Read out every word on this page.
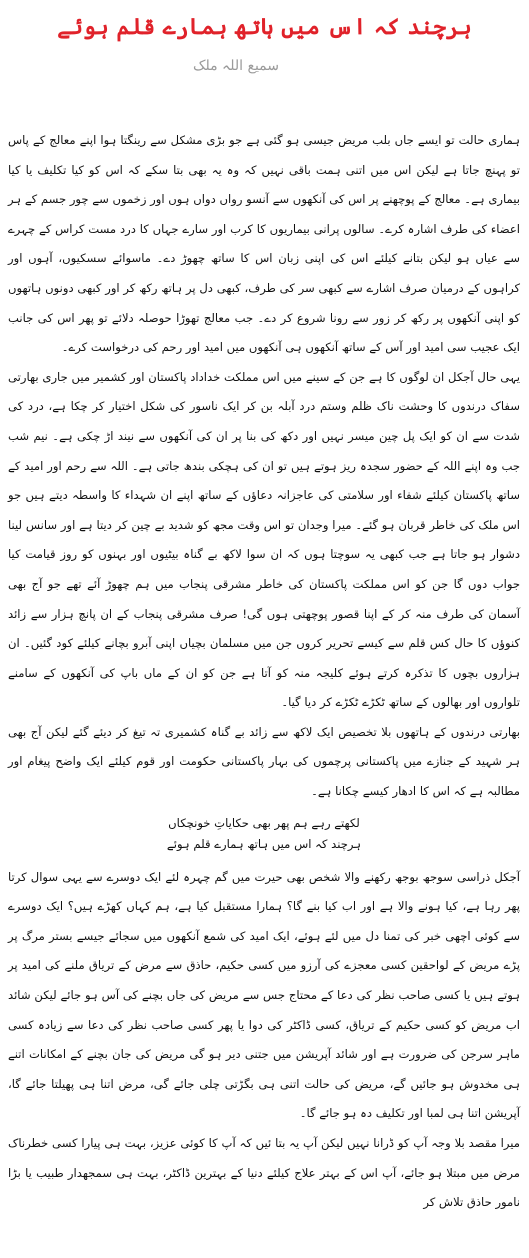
ہرچند کہ اس میں ہاتھ ہمارے قلم ہوئے
سمیع اللہ ملک

ہماری حالت تو ایسے جاں بلب مریض جیسی ہو گئی ہے جو بڑی مشکل سے رینگتا ہوا اپنے معالج کے پاس تو پہنچ جاتا ہے لیکن اس میں اتنی ہمت باقی نہیں کہ وہ یہ بھی بتا سکے کہ اس کو کیا تکلیف یا کیا بیماری ہے۔ معالج کے پوچھنے پر اس کی آنکھوں سے آنسو رواں دواں ہوں اور زخموں سے چور جسم کے ہر اعضاء کی طرف اشارہ کرے۔ سالوں پرانی بیماریوں کا کرب اور سارے جہاں کا درد مست کراس کے چہرے سے عیاں ہو لیکن بتانے کیلئے اس کی اپنی زبان اس کا ساتھ چھوڑ دے۔ ماسوائے سسکیوں، آہوں اور کراہوں کے درمیان صرف اشارے سے کبھی سر کی طرف، کبھی دل پر ہاتھ رکھ کر اور کبھی دونوں ہاتھوں کو اپنی آنکھوں پر رکھ کر زور سے رونا شروع کر دے۔ جب معالج تھوڑا حوصلہ دلائے تو پھر اس کی جانب ایک عجیب سی امید اور آس کے ساتھ آنکھوں ہی آنکھوں میں امید اور رحم کی درخواست کرے۔

یہی حال آجکل ان لوگوں کا ہے جن کے سینے میں اس مملکت خداداد پاکستان اور کشمیر میں جاری بھارتی سفاک درندوں کا وحشت ناک ظلم وستم درد آبلہ بن کر ایک ناسور کی شکل اختیار کر چکا ہے، درد کی شدت سے ان کو ایک پل چین میسر نہیں اور دکھ کی بنا پر ان کی آنکھوں سے نیند اڑ چکی ہے۔ نیم شب جب وہ اپنے اللہ کے حضور سجدہ ریز ہوتے ہیں تو ان کی ہچکی بندھ جاتی ہے۔ اللہ سے رحم اور امید کے ساتھ پاکستان کیلئے شفاء اور سلامتی کی عاجزانہ دعاؤں کے ساتھ اپنے ان شہداء کا واسطہ دیتے ہیں جو اس ملک کی خاطر قربان ہو گئے۔ میرا وجدان تو اس وقت مجھ کو شدید بے چین کر دیتا ہے اور سانس لینا دشوار ہو جاتا ہے جب کبھی یہ سوچتا ہوں کہ ان سوا لاکھ بے گناہ بیٹیوں اور بہنوں کو روز قیامت کیا جواب دوں گا جن کو اس مملکت پاکستان کی خاطر مشرقی پنجاب میں ہم چھوڑ آئے تھے جو آج بھی آسمان کی طرف منہ کر کے اپنا قصور پوچھتی ہوں گی! صرف مشرقی پنجاب کے ان پانچ ہزار سے زائد کنوؤں کا حال کس قلم سے کیسے تحریر کروں جن میں مسلمان بچیاں اپنی آبرو بچانے کیلئے کود گئیں۔ ان ہزاروں بچوں کا تذکرہ کرتے ہوئے کلیجہ منہ کو آتا ہے جن کو ان کے ماں باپ کی آنکھوں کے سامنے تلواروں اور بھالوں کے ساتھ ٹکڑے ٹکڑے کر دیا گیا۔

بھارتی درندوں کے ہاتھوں بلا تخصیص ایک لاکھ سے زائد بے گناہ کشمیری تہ تیغ کر دیئے گئے لیکن آج بھی ہر شہید کے جنازے میں پاکستانی پرچموں کی بہار پاکستانی حکومت اور قوم کیلئے ایک واضح پیغام اور مطالبہ ہے کہ اس کا ادھار کیسے چکانا ہے۔

لکھتے رہے ہم پھر بھی حکایاتِ خونچکاں
ہرچند کہ اس میں ہاتھ ہمارے قلم ہوئے

آجکل ذراسی سوجھ بوجھ رکھنے والا شخص بھی حیرت میں گم چہرہ لئے ایک دوسرے سے یہی سوال کرتا پھر رہا ہے، کیا ہونے والا ہے اور اب کیا بنے گا؟ ہمارا مستقبل کیا ہے، ہم کہاں کھڑے ہیں؟ ایک دوسرے سے کوئی اچھی خبر کی تمنا دل میں لئے ہوئے، ایک امید کی شمع آنکھوں میں سجائے جیسے بستر مرگ پر پڑے مریض کے لواحقین کسی معجزے کی آرزو میں کسی حکیم، حاذق سے مرض کے تریاق ملنے کی امید پر ہوتے ہیں یا کسی صاحب نظر کی دعا کے محتاج جس سے مریض کی جاں بچنے کی آس ہو جائے لیکن شائد اب مریض کو کسی حکیم کے تریاق، کسی ڈاکٹر کی دوا یا پھر کسی صاحب نظر کی دعا سے زیادہ کسی ماہر سرجن کی ضرورت ہے اور شائد آپریشن میں جتنی دیر ہو گی مریض کی جان بچنے کے امکانات اتنے ہی مخدوش ہو جائیں گے، مریض کی حالت اتنی ہی بگڑتی چلی جائے گی، مرض اتنا ہی پھیلتا جائے گا، آپریشن اتنا ہی لمبا اور تکلیف دہ ہو جائے گا۔

میرا مقصد بلا وجہ آپ کو ڈرانا نہیں لیکن آپ یہ بتا ئیں کہ آپ کا کوئی عزیز، بہت ہی پیارا کسی خطرناک مرض میں مبتلا ہو جائے، آپ اس کے بہتر علاج کیلئے دنیا کے بہترین ڈاکٹر، بہت ہی سمجھدار طبیب یا بڑا نامور حاذق تلاش کر
